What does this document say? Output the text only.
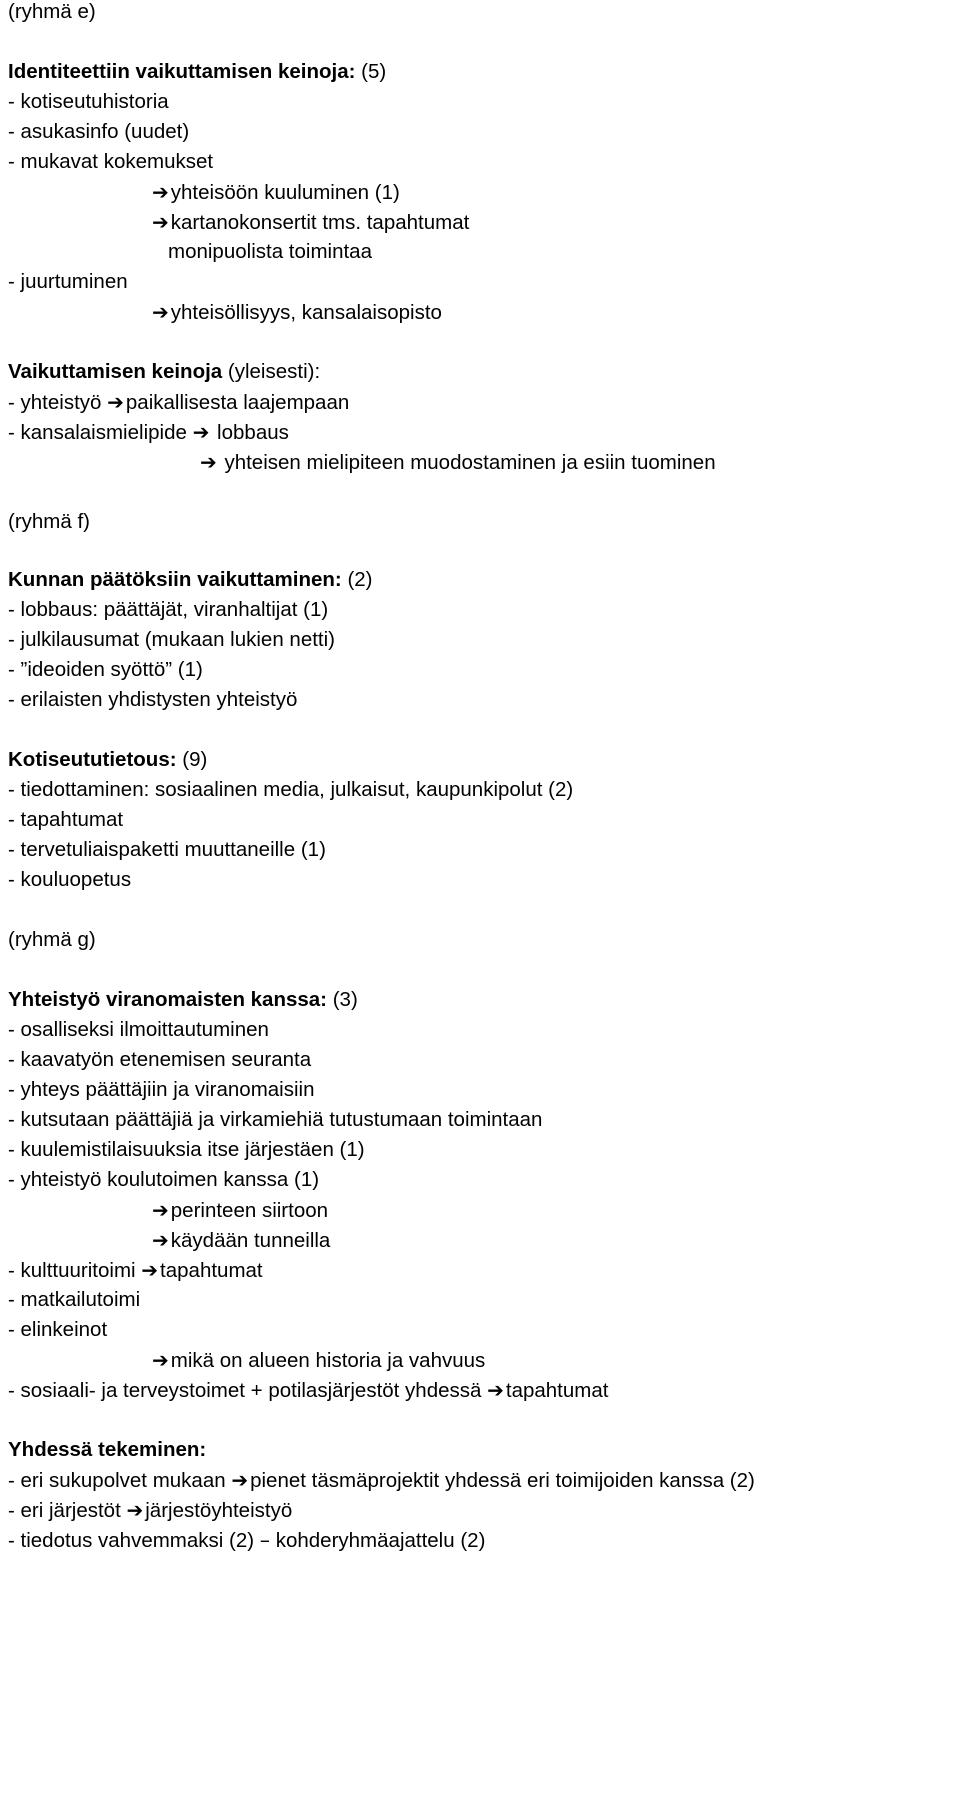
(ryhmä e)
Identiteettiin vaikuttamisen keinoja: (5)
- kotiseutuhistoria
- asukasinfo (uudet)
- mukavat kokemukset
➔yhteisöön kuuluminen (1)
➔kartanokonsertit tms. tapahtumat
monipuolista toimintaa
- juurtuminen
➔yhteisöllisyys, kansalaisopisto
Vaikuttamisen keinoja (yleisesti):
- yhteistyö ➔paikallisesta laajempaan
- kansalaismielipide ➔ lobbaus
➔ yhteisen mielipiteen muodostaminen ja esiin tuominen
(ryhmä f)
Kunnan päätöksiin vaikuttaminen: (2)
- lobbaus: päättäjät, viranhaltijat (1)
- julkilausumat (mukaan lukien netti)
- ”ideoiden syöttö” (1)
- erilaisten yhdistysten yhteistyö
Kotiseututietous: (9)
- tiedottaminen: sosiaalinen media, julkaisut, kaupunkipolut (2)
- tapahtumat
- tervetuliaispaketti muuttaneille (1)
- kouluopetus
(ryhmä g)
Yhteistyö viranomaisten kanssa: (3)
- osalliseksi ilmoittautuminen
- kaavatyön etenemisen seuranta
- yhteys päättäjiin ja viranomaisiin
- kutsutaan päättäjiä ja virkamiehiä tutustumaan toimintaan
- kuulemistilaisuuksia itse järjestäen (1)
- yhteistyö koulutoimen kanssa (1)
➔perinteen siirtoon
➔käydään tunneilla
- kulttuuritoimi ➔tapahtumat
- matkailutoimi
- elinkeinot
➔mikä on alueen historia ja vahvuus
- sosiaali- ja terveystoimet + potilasjärjestöt yhdessä ➔tapahtumat
Yhdessä tekeminen:
- eri sukupolvet mukaan ➔pienet täsmäprojektit yhdessä eri toimijoiden kanssa (2)
- eri järjestöt ➔järjestöyhteistyö
- tiedotus vahvemmaksi (2) – kohderyhmäajattelu (2)
